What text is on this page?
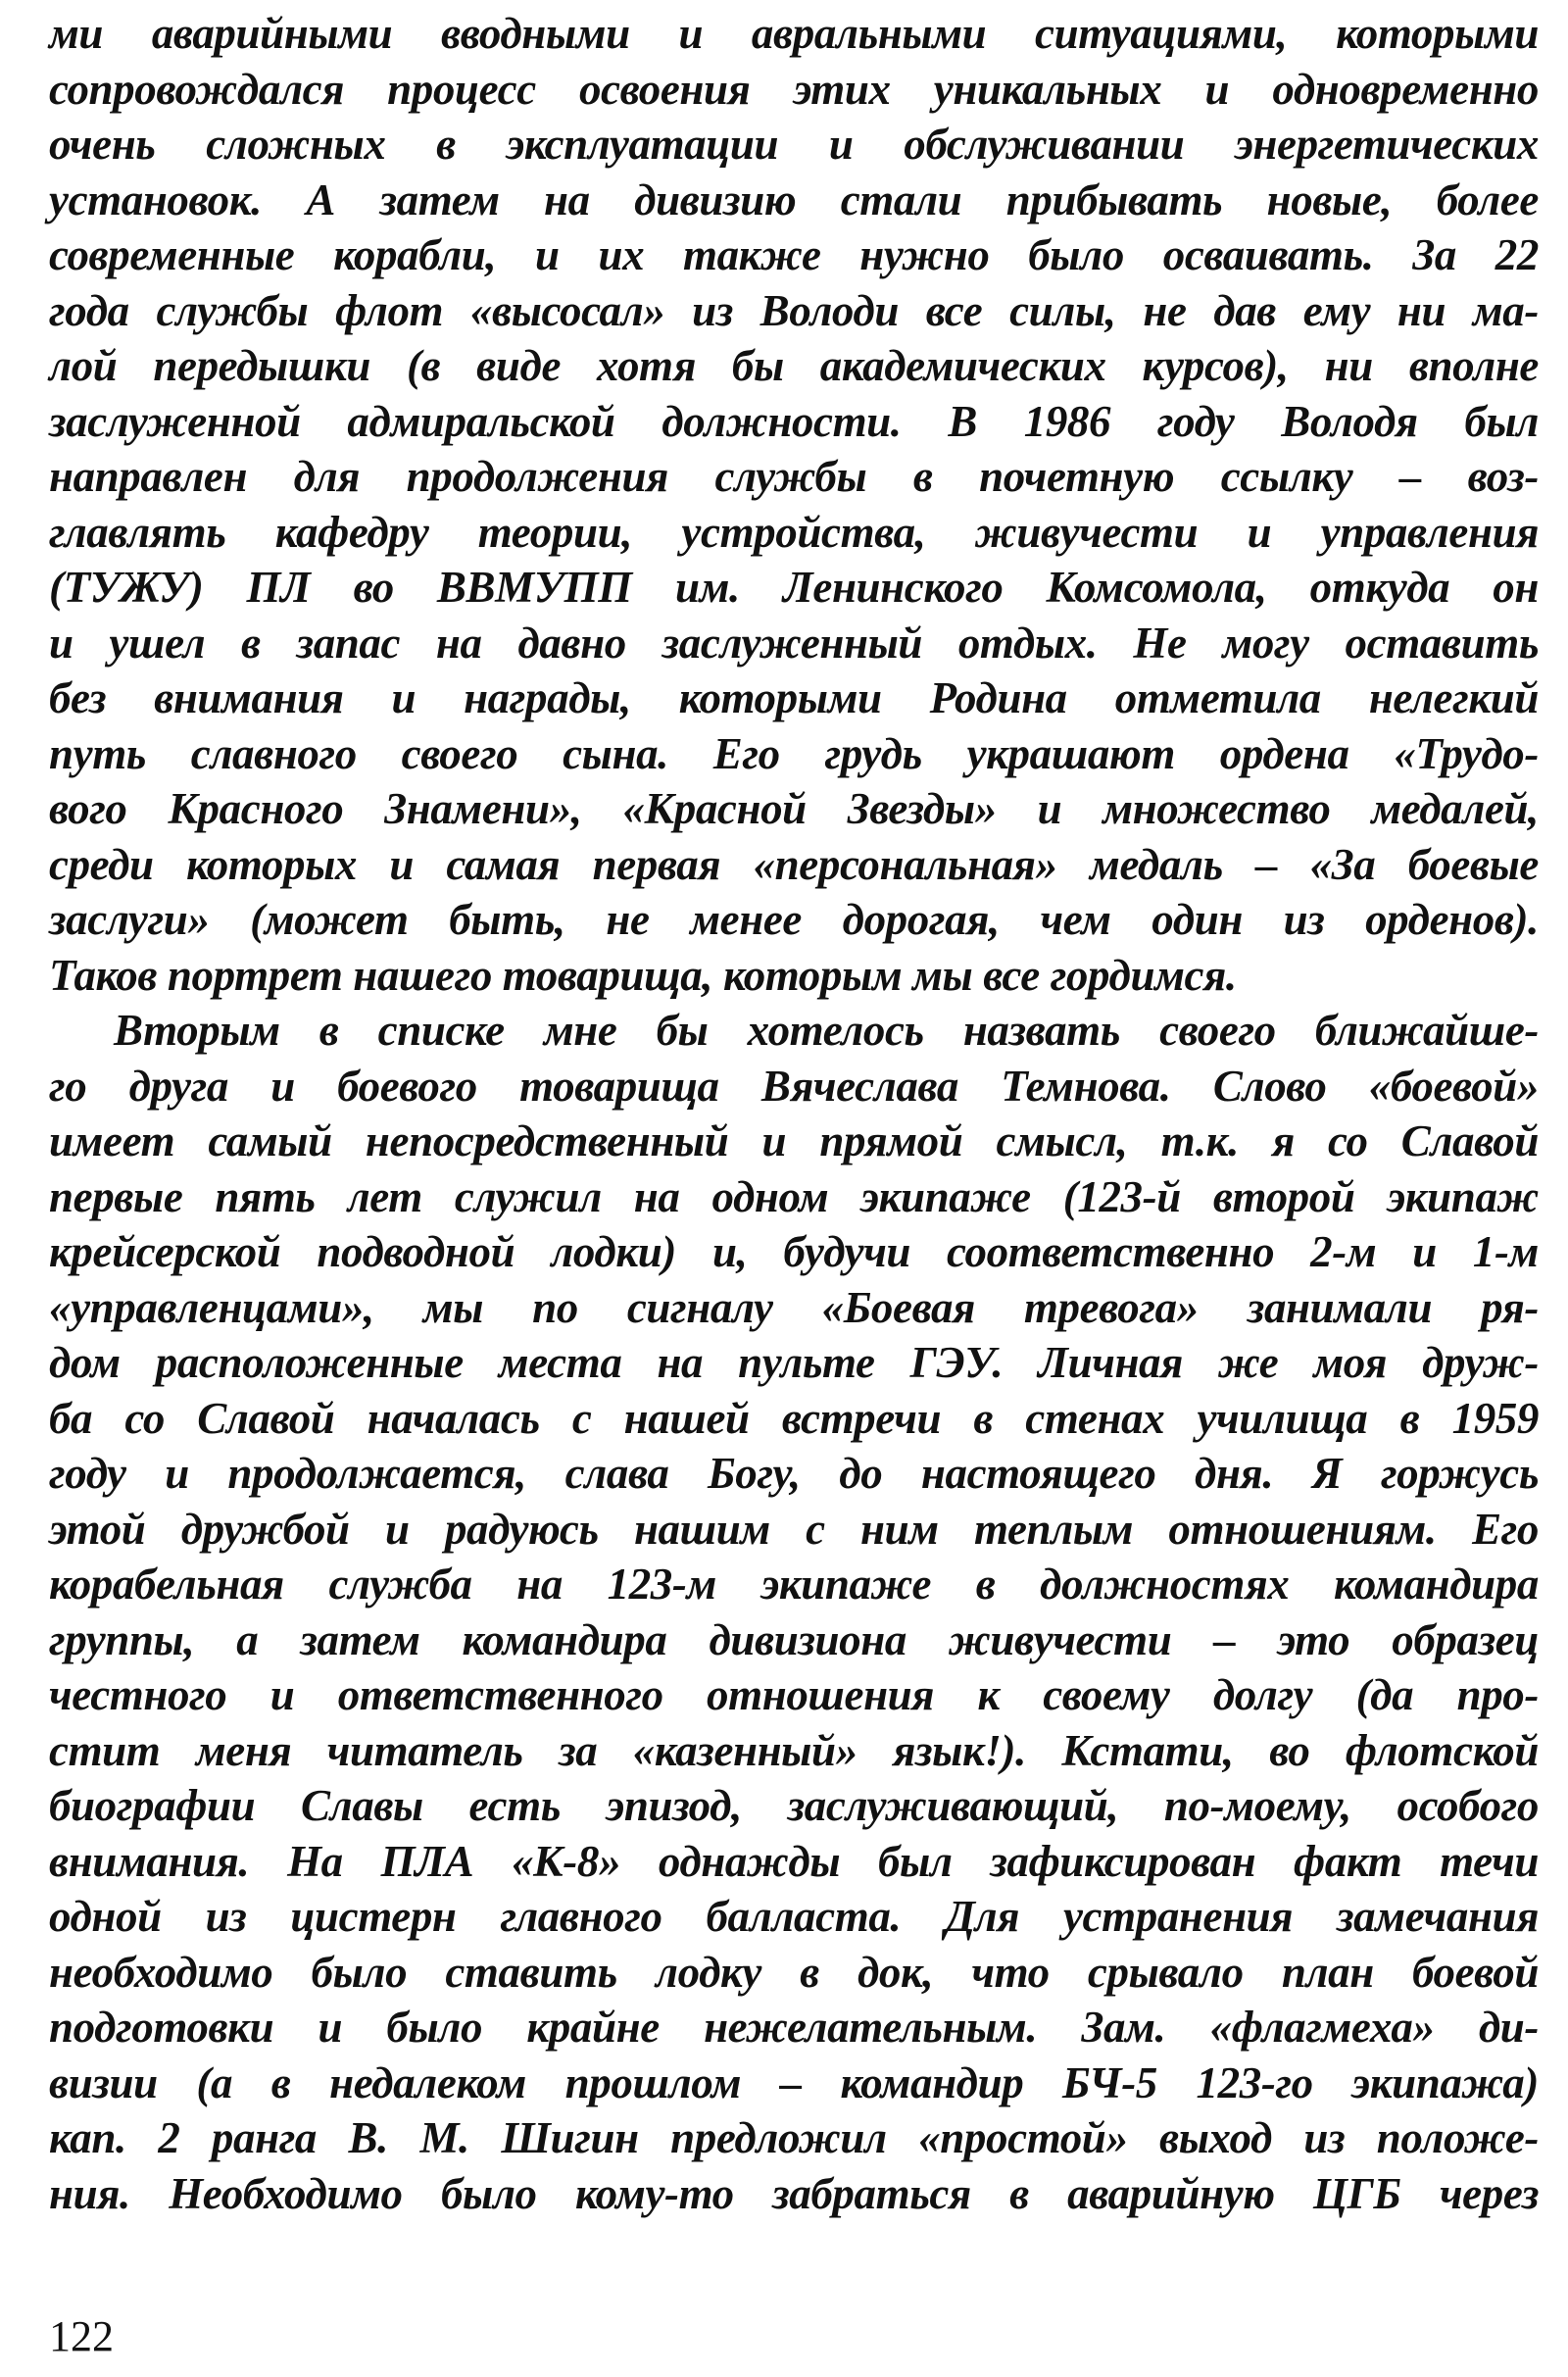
ми аварийными вводными и авральными ситуациями, которыми
сопровождался процесс освоения этих уникальных и одновременно
очень сложных в эксплуатации и обслуживании энергетических
установок. А затем на дивизию стали прибывать новые, более
современные корабли, и их также нужно было осваивать. За 22
года службы флот «высосал» из Володи все силы, не дав ему ни ма-
лой передышки (в виде хотя бы академических курсов), ни вполне
заслуженной адмиральской должности. В 1986 году Володя был
направлен для продолжения службы в почетную ссылку – воз-
главлять кафедру теории, устройства, живучести и управления
(ТУЖУ) ПЛ во ВВМУПП им. Ленинского Комсомола, откуда он
и ушел в запас на давно заслуженный отдых. Не могу оставить
без внимания и награды, которыми Родина отметила нелегкий
путь славного своего сына. Его грудь украшают ордена «Трудо-
вого Красного Знамени», «Красной Звезды» и множество медалей,
среди которых и самая первая «персональная» медаль – «За боевые
заслуги» (может быть, не менее дорогая, чем один из орденов).
Таков портрет нашего товарища, которым мы все гордимся.
Вторым в списке мне бы хотелось назвать своего ближайше-
го друга и боевого товарища Вячеслава Темнова. Слово «боевой»
имеет самый непосредственный и прямой смысл, т.к. я со Славой
первые пять лет служил на одном экипаже (123-й второй экипаж
крейсерской подводной лодки) и, будучи соответственно 2-м и 1-м
«управленцами», мы по сигналу «Боевая тревога» занимали ря-
дом расположенные места на пульте ГЭУ. Личная же моя друж-
ба со Славой началась с нашей встречи в стенах училища в 1959
году и продолжается, слава Богу, до настоящего дня. Я горжусь
этой дружбой и радуюсь нашим с ним теплым отношениям. Его
корабельная служба на 123-м экипаже в должностях командира
группы, а затем командира дивизиона живучести – это образец
честного и ответственного отношения к своему долгу (да про-
стит меня читатель за «казенный» язык!). Кстати, во флотской
биографии Славы есть эпизод, заслуживающий, по-моему, особого
внимания. На ПЛА «К-8» однажды был зафиксирован факт течи
одной из цистерн главного балласта. Для устранения замечания
необходимо было ставить лодку в док, что срывало план боевой
подготовки и было крайне нежелательным. Зам. «флагмеха» ди-
визии (а в недалеком прошлом – командир БЧ-5 123-го экипажа)
кап. 2 ранга В. М. Шигин предложил «простой» выход из положе-
ния. Необходимо было кому-то забраться в аварийную ЦГБ через
122
